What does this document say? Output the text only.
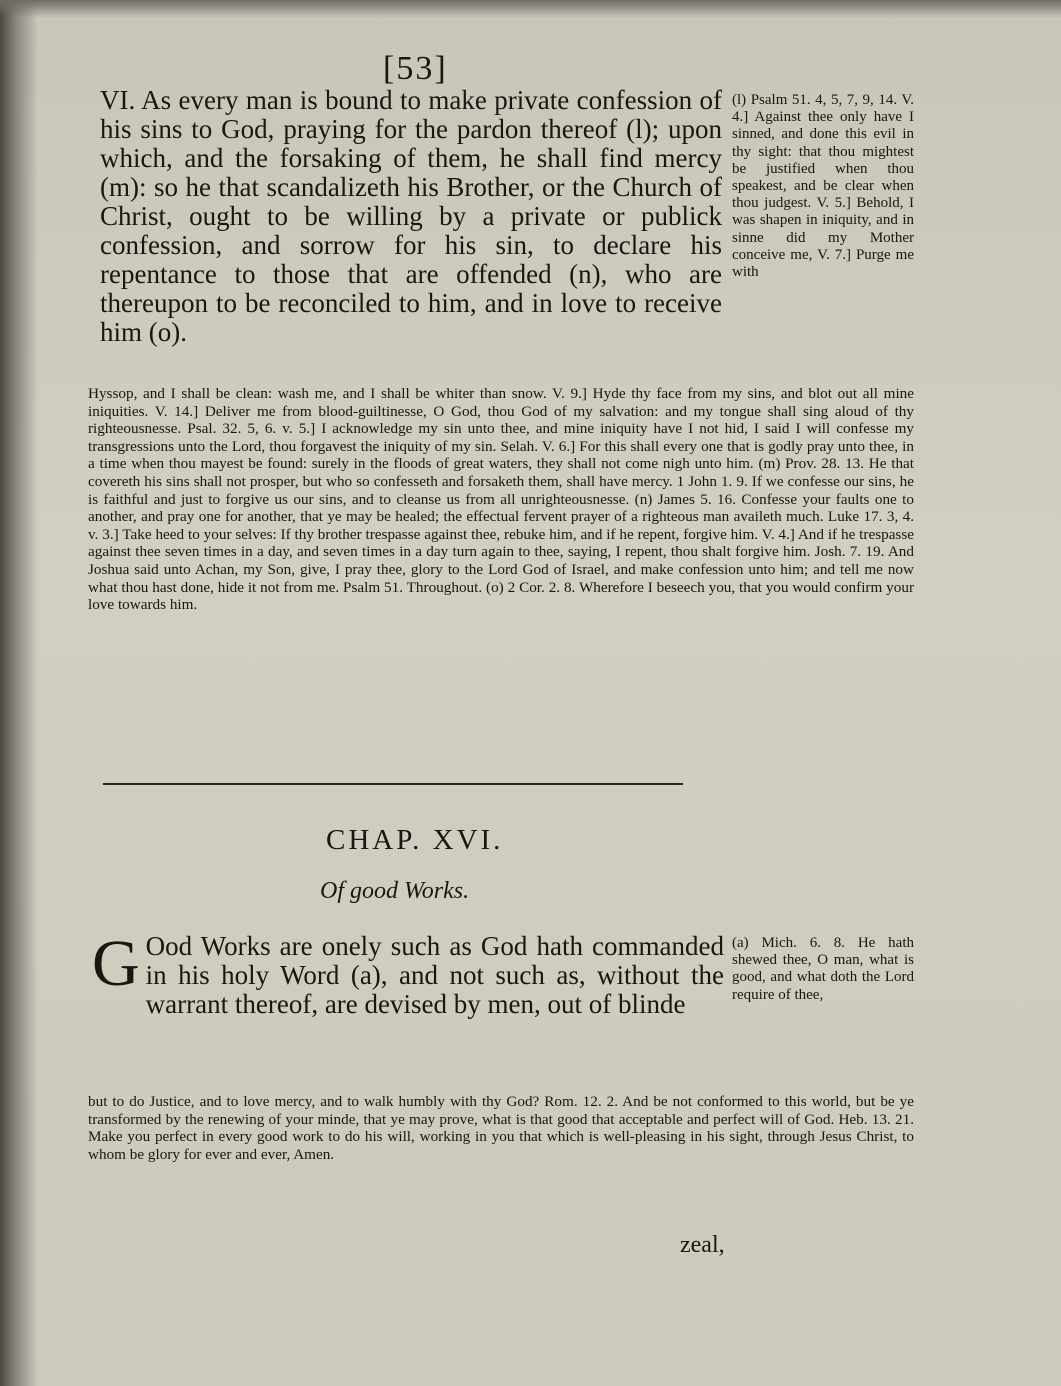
[53]

VI. As every man is bound to make private confession of his sins to God, praying for the pardon thereof (l); upon which, and the forsaking of them, he shall find mercy (m): so he that scandalizeth his Brother, or the Church of Christ, ought to be willing by a private or publick confession, and sorrow for his sin, to declare his repentance to those that are offended (n), who are thereupon to be reconciled to him, and in love to receive him (o).

(l) Psalm 51. 4, 5, 7, 9, 14. V. 4.] Against thee only have I sinned, and done this evil in thy sight: that thou mightest be justified when thou speakest, and be clear when thou judgest. V. 5.] Behold, I was shapen in iniquity, and in sinne did my Mother conceive me, V. 7.] Purge me with

Hyssop, and I shall be clean: wash me, and I shall be whiter than snow. V. 9.] Hyde thy face from my sins, and blot out all mine iniquities. V. 14.] Deliver me from blood-guiltinesse, O God, thou God of my salvation: and my tongue shall sing aloud of thy righteousnesse. Psal. 32. 5, 6. v. 5.] I acknowledge my sin unto thee, and mine iniquity have I not hid, I said I will confesse my transgressions unto the Lord, thou forgavest the iniquity of my sin. Selah. V. 6.] For this shall every one that is godly pray unto thee, in a time when thou mayest be found: surely in the floods of great waters, they shall not come nigh unto him. (m) Prov. 28. 13. He that covereth his sins shall not prosper, but who so confesseth and forsaketh them, shall have mercy. 1 John 1. 9. If we confesse our sins, he is faithful and just to forgive us our sins, and to cleanse us from all unrighteousnesse. (n) James 5. 16. Confesse your faults one to another, and pray one for another, that ye may be healed; the effectual fervent prayer of a righteous man availeth much. Luke 17. 3, 4. v. 3.] Take heed to your selves: If thy brother trespasse against thee, rebuke him, and if he repent, forgive him. V. 4.] And if he trespasse against thee seven times in a day, and seven times in a day turn again to thee, saying, I repent, thou shalt forgive him. Josh. 7. 19. And Joshua said unto Achan, my Son, give, I pray thee, glory to the Lord God of Israel, and make confession unto him; and tell me now what thou hast done, hide it not from me. Psalm 51. Throughout. (o) 2 Cor. 2. 8. Wherefore I beseech you, that you would confirm your love towards him.

CHAP. XVI.
Of good Works.

G Ood Works are onely such as God hath commanded in his holy Word (a), and not such as, without the warrant thereof, are devised by men, out of blinde

(a) Mich. 6. 8. He hath shewed thee, O man, what is good, and what doth the Lord require of thee,

but to do Justice, and to love mercy, and to walk humbly with thy God? Rom. 12. 2. And be not conformed to this world, but be ye transformed by the renewing of your minde, that ye may prove, what is that good that acceptable and perfect will of God. Heb. 13. 21. Make you perfect in every good work to do his will, working in you that which is well-pleasing in his sight, through Jesus Christ, to whom be glory for ever and ever, Amen.

zeal,
